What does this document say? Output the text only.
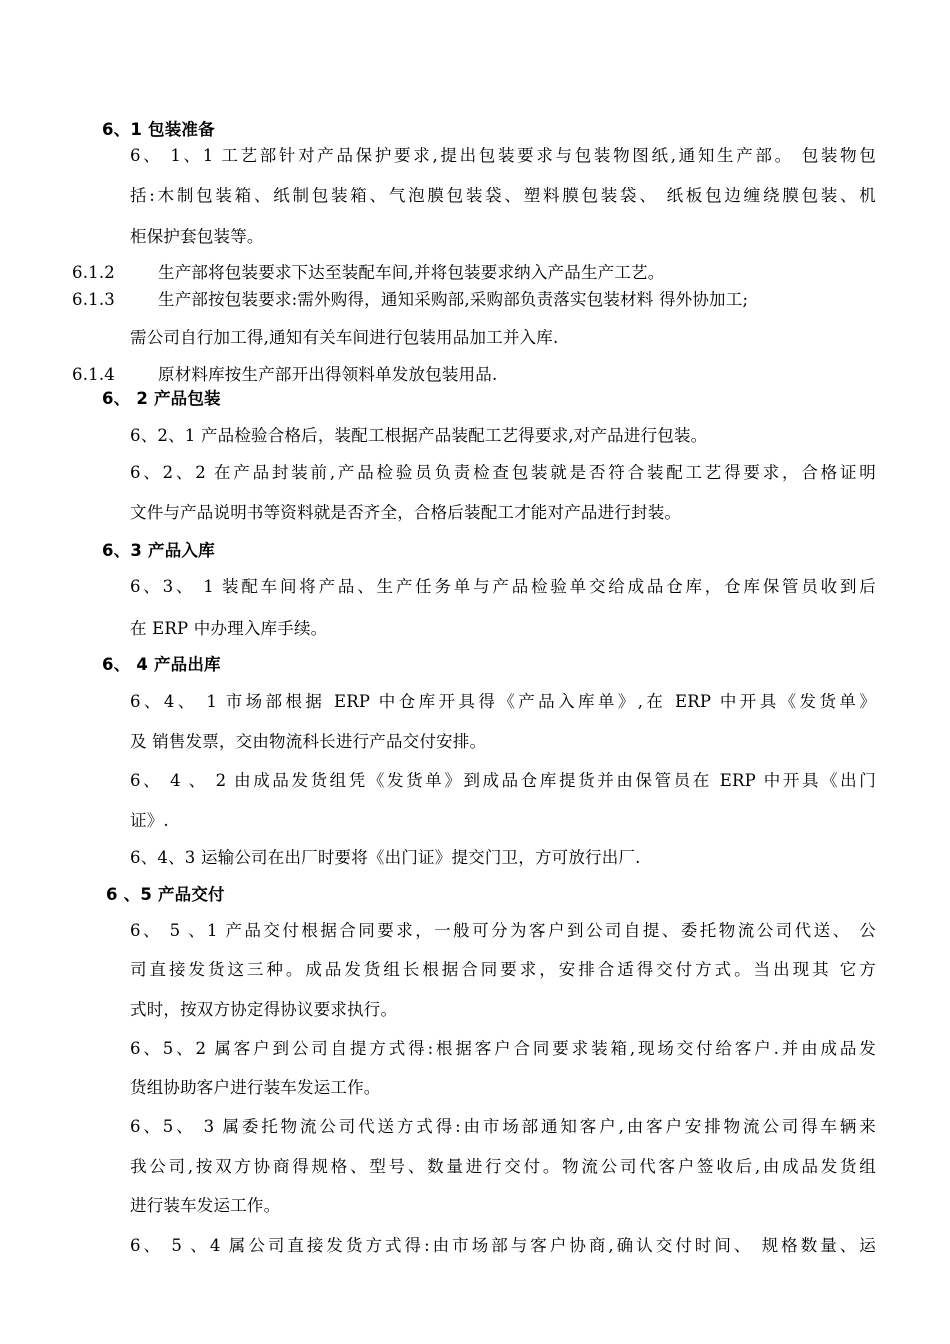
6、1 包装准备
6、 1、1 工艺部针对产品保护要求,提出包装要求与包装物图纸,通知生产部。 包装物包
括:木制包装箱、纸制包装箱、气泡膜包装袋、塑料膜包装袋、 纸板包边缠绕膜包装、机
柜保护套包装等。
6.1.2	生产部将包装要求下达至装配车间,并将包装要求纳入产品生产工艺。
6.1.3	生产部按包装要求:需外购得，通知采购部,采购部负责落实包装材料 得外协加工;
需公司自行加工得,通知有关车间进行包装用品加工并入库.
6.1.4	原材料库按生产部开出得领料单发放包装用品.
6、 2 产品包装
6、2、1 产品检验合格后，装配工根据产品装配工艺得要求,对产品进行包装。
6、2、2 在产品封装前,产品检验员负责检查包装就是否符合装配工艺得要求，合格证明
文件与产品说明书等资料就是否齐全，合格后装配工才能对产品进行封装。
6、3 产品入库
6、3、 1 装配车间将产品、生产任务单与产品检验单交给成品仓库，仓库保管员收到后
在 ERP 中办理入库手续。
6、 4 产品出库
6、4、 1 市场部根据 ERP 中仓库开具得《产品入库单》,在 ERP 中开具《发货单》
及 销售发票，交由物流科长进行产品交付安排。
6、 4 、 2 由成品发货组凭《发货单》到成品仓库提货并由保管员在 ERP 中开具《出门
证》.
6、4、3 运输公司在出厂时要将《出门证》提交门卫，方可放行出厂.
6 、5 产品交付
6、 5 、1 产品交付根据合同要求，一般可分为客户到公司自提、委托物流公司代送、 公
司直接发货这三种。成品发货组长根据合同要求，安排合适得交付方式。当出现其 它方
式时，按双方协定得协议要求执行。
6、5、2 属客户到公司自提方式得:根据客户合同要求装箱,现场交付给客户.并由成品发
货组协助客户进行装车发运工作。
6、5、 3 属委托物流公司代送方式得:由市场部通知客户,由客户安排物流公司得车辆来
我公司,按双方协商得规格、型号、数量进行交付。物流公司代客户签收后,由成品发货组
进行装车发运工作。
6、 5 、4 属公司直接发货方式得:由市场部与客户协商,确认交付时间、 规格数量、运
